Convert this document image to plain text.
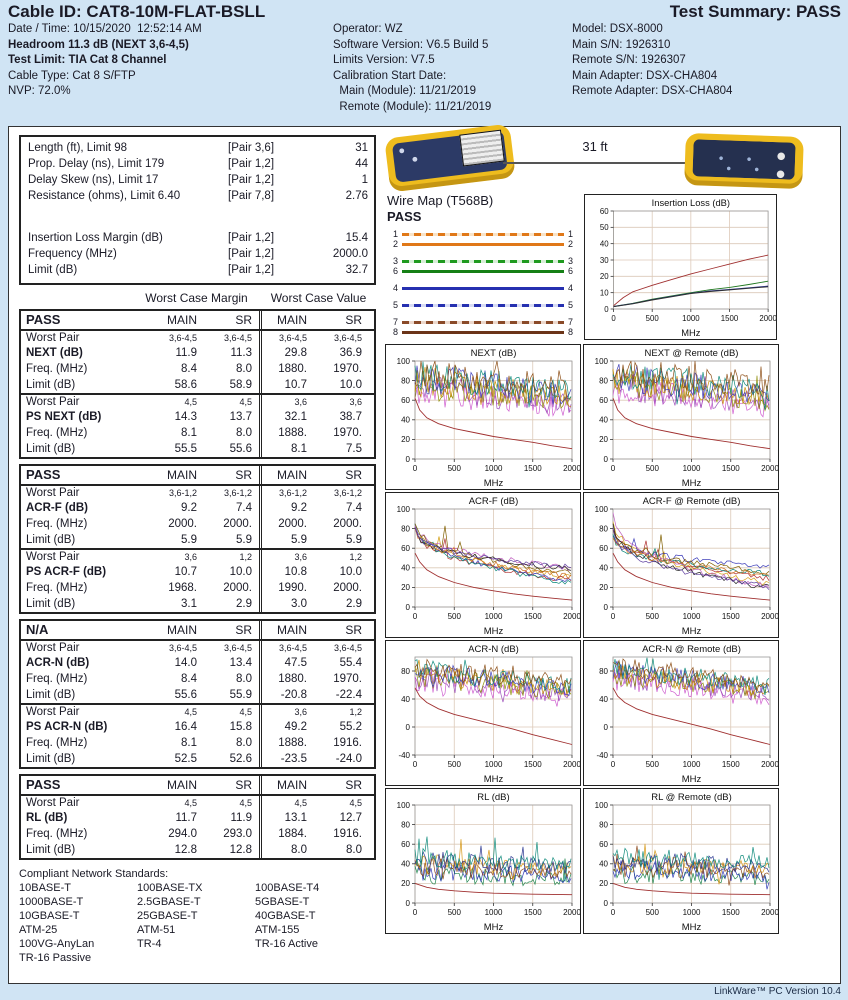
Cable ID: CAT8-10M-FLAT-BSLL
Date / Time: 10/15/2020  12:52:14 AM
Headroom 11.3 dB (NEXT 3,6-4,5)
Test Limit: TIA Cat 8 Channel
Cable Type: Cat 8 S/FTP
NVP: 72.0%
Operator: WZ
Software Version: V6.5 Build 5
Limits Version: V7.5
Calibration Start Date:
Main (Module): 11/21/2019
Remote (Module): 11/21/2019
Test Summary: PASS
Model: DSX-8000
Main S/N: 1926310
Remote S/N: 1926307
Main Adapter: DSX-CHA804
Remote Adapter: DSX-CHA804
Length (ft), Limit 98	[Pair 3,6]	31
Prop. Delay (ns), Limit 179	[Pair 1,2]	44
Delay Skew (ns), Limit 17	[Pair 1,2]	1
Resistance (ohms), Limit 6.40	[Pair 7,8]	2.76
Insertion Loss Margin (dB)	[Pair 1,2]	15.4
Frequency (MHz)	[Pair 1,2]	2000.0
Limit (dB)	[Pair 1,2]	32.7
Worst Case Margin	Worst Case Value
PASS	MAIN	SR	MAIN	SR
Worst Pair	3,6-4,5	3,6-4,5	3,6-4,5	3,6-4,5
NEXT (dB)	11.9	11.3	29.8	36.9
Freq. (MHz)	8.4	8.0	1880.	1970.
Limit (dB)	58.6	58.9	10.7	10.0
Worst Pair	4,5	4,5	3,6	3,6
PS NEXT (dB)	14.3	13.7	32.1	38.7
Freq. (MHz)	8.1	8.0	1888.	1970.
Limit (dB)	55.5	55.6	8.1	7.5
PASS	MAIN	SR	MAIN	SR
Worst Pair	3,6-1,2	3,6-1,2	3,6-1,2	3,6-1,2
ACR-F (dB)	9.2	7.4	9.2	7.4
Freq. (MHz)	2000.	2000.	2000.	2000.
Limit (dB)	5.9	5.9	5.9	5.9
Worst Pair	3,6	1,2	3,6	1,2
PS ACR-F (dB)	10.7	10.0	10.8	10.0
Freq. (MHz)	1968.	2000.	1990.	2000.
Limit (dB)	3.1	2.9	3.0	2.9
N/A	MAIN	SR	MAIN	SR
Worst Pair	3,6-4,5	3,6-4,5	3,6-4,5	3,6-4,5
ACR-N (dB)	14.0	13.4	47.5	55.4
Freq. (MHz)	8.4	8.0	1880.	1970.
Limit (dB)	55.6	55.9	-20.8	-22.4
Worst Pair	4,5	4,5	3,6	1,2
PS ACR-N (dB)	16.4	15.8	49.2	55.2
Freq. (MHz)	8.1	8.0	1888.	1916.
Limit (dB)	52.5	52.6	-23.5	-24.0
PASS	MAIN	SR	MAIN	SR
Worst Pair	4,5	4,5	4,5	4,5
RL (dB)	11.7	11.9	13.1	12.7
Freq. (MHz)	294.0	293.0	1884.	1916.
Limit (dB)	12.8	12.8	8.0	8.0
Compliant Network Standards:
10BASE-T	100BASE-TX	100BASE-T4
1000BASE-T	2.5GBASE-T	5GBASE-T
10GBASE-T	25GBASE-T	40GBASE-T
ATM-25	ATM-51	ATM-155
100VG-AnyLan	TR-4	TR-16 Active
TR-16 Passive
31 ft
Wire Map (T568B)
PASS
1	1
2	2
3	3
6	6
4	4
5	5
7	7
8	8
Insertion Loss (dB)
0
10
20
30
40
50
60
0	500	1000	1500	2000
MHz
NEXT (dB)
0
20
40
60
80
100
0	500	1000	1500	2000
MHz
NEXT @ Remote (dB)
0
20
40
60
80
100
0	500	1000	1500	2000
MHz
ACR-F (dB)
0
20
40
60
80
100
0	500	1000	1500	2000
MHz
ACR-F @ Remote (dB)
0
20
40
60
80
100
0	500	1000	1500	2000
MHz
ACR-N (dB)
-40
0
40
80
0	500	1000	1500	2000
MHz
ACR-N @ Remote (dB)
-40
0
40
80
0	500	1000	1500	2000
MHz
RL (dB)
0
20
40
60
80
100
0	500	1000	1500	2000
MHz
RL @ Remote (dB)
0
20
40
60
80
100
0	500	1000	1500	2000
MHz
LinkWare™ PC Version 10.4
